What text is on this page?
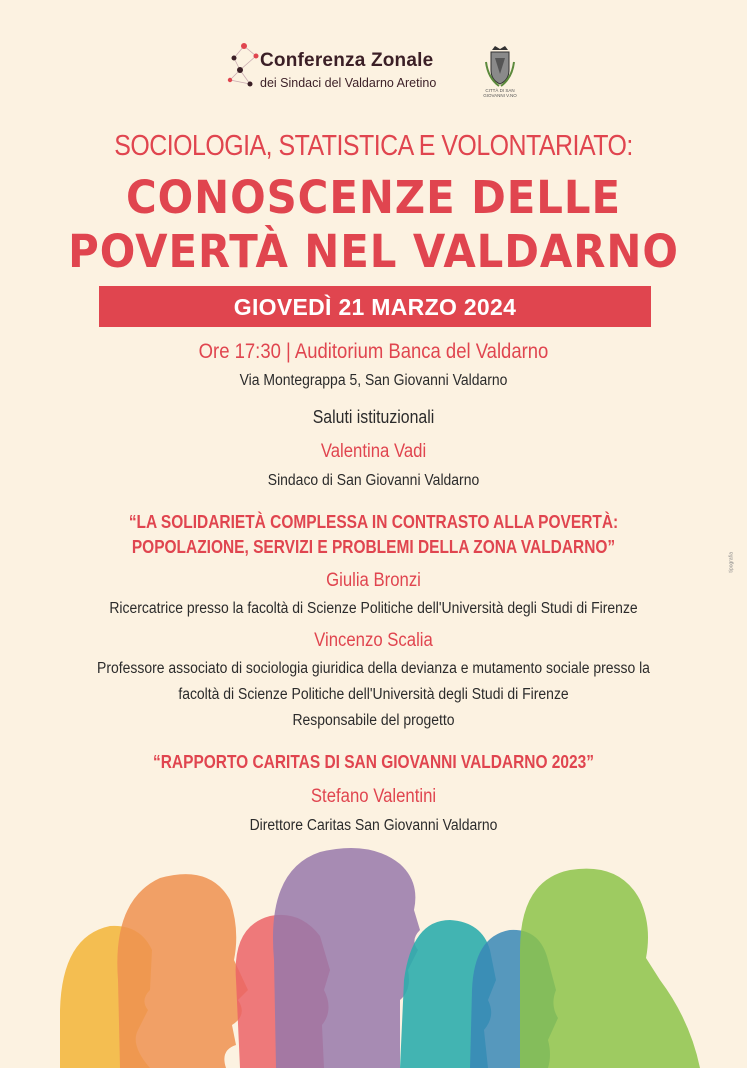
Conferenza Zonale
dei Sindaci del Valdarno Aretino
CITTÀ DI SAN GIOVANNI V.NO
SOCIOLOGIA, STATISTICA E VOLONTARIATO:
CONOSCENZE DELLE
POVERTÀ NEL VALDARNO
GIOVEDÌ 21 MARZO 2024
Ore 17:30 | Auditorium Banca del Valdarno
Via Montegrappa 5, San Giovanni Valdarno
Saluti istituzionali
Valentina Vadi
Sindaco di San Giovanni Valdarno
“LA SOLIDARIETÀ COMPLESSA IN CONTRASTO ALLA POVERTÀ:
POPOLAZIONE, SERVIZI E PROBLEMI DELLA ZONA VALDARNO”
Giulia Bronzi
Ricercatrice presso la facoltà di Scienze Politiche dell'Università degli Studi di Firenze
Vincenzo Scalia
Professore associato di sociologia giuridica della devianza e mutamento sociale presso la
facoltà di Scienze Politiche dell'Università degli Studi di Firenze
Responsabile del progetto
“RAPPORTO CARITAS DI SAN GIOVANNI VALDARNO 2023”
Stefano Valentini
Direttore Caritas San Giovanni Valdarno
tipografia
